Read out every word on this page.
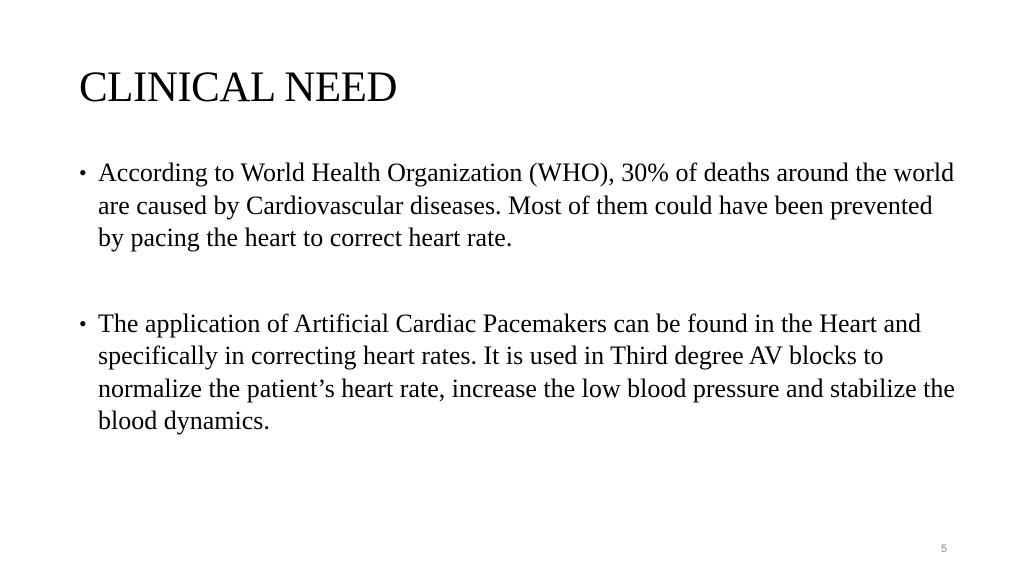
CLINICAL NEED
• According to World Health Organization (WHO), 30% of deaths around the world are caused by Cardiovascular diseases. Most of them could have been prevented by pacing the heart to correct heart rate.
• The application of Artificial Cardiac Pacemakers can be found in the Heart and specifically in correcting heart rates. It is used in Third degree AV blocks to normalize the patient’s heart rate, increase the low blood pressure and stabilize the blood dynamics.
5
